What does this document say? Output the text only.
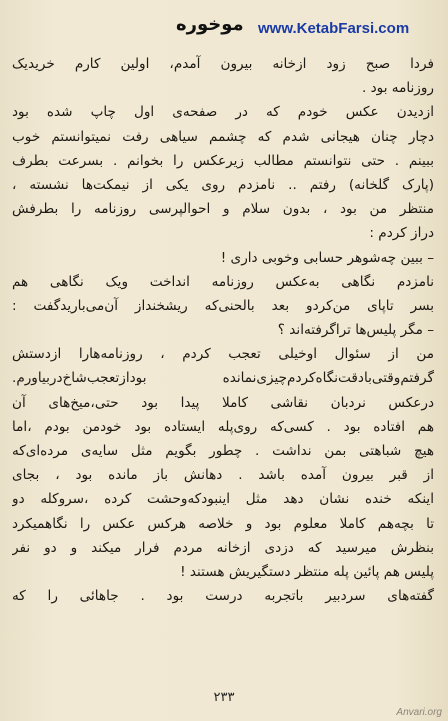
www.KetabFarsi.com
موخوره
فردا صبح زود ازخانه بیرون آمدم، اولین کارم خریدیک
روزنامه بود .
ازدیدن عکس خودم که در صفحه‌ی اول چاپ شده بود
دچار چنان هیجانی شدم که چشمم سیاهی رفت نمیتوانستم خوب
ببینم . حتی نتوانستم مطالب زیرعکس را بخوانم . بسرعت بطرف
(پارک گلخانه) رفتم .. نامزدم روی یکی از نیمکت‌ها نشسته ،
منتظر من بود ، بدون سلام و احوالپرسی روزنامه را بطرفش
دراز کردم :
– ببین چه‌شوهر حسابی وخوبی داری !
نامزدم نگاهی به‌عکس روزنامه انداخت ویک نگاهی هم
بسر تاپای من‌کردو بعد بالحنی‌که ریشخنداز آن‌می‌باریدگفت :
– مگر پلیس‌ها تراگرفته‌اند ؟
من از سئوال اوخیلی تعجب کردم ، روزنامه‌هارا ازدستش
گرفتم‌وقتی‌بادقت‌نگاه‌کردم‌چیزی‌نمانده بوداز‌تعجب‌شاخ‌در‌بیاورم.
درعکس نردبان نقاشی کاملا پیدا بود حتی،میخ‌های آن
هم افتاده بود . کسی‌که روی‌پله ایستاده بود خودمن بودم ،اما
هیچ شباهتی بمن نداشت . چطور بگویم مثل سایه‌ی مرده‌ای‌که
از قبر بیرون آمده باشد . دهانش باز مانده بود ، بجای
اینکه خنده نشان دهد مثل اینبودکه‌وحشت کرده ،سروکله دو
تا بچه‌هم کاملا معلوم بود و خلاصه هرکس عکس را نگاهمیکرد
بنظرش میرسید که دزدی ازخانه مردم فرار میکند و دو نفر
پلیس هم پائین پله منتظر دستگیریش هستند !
گفته‌های سردبیر باتجربه درست بود . جاهائی را که
۲۳۳
Anvari.org
